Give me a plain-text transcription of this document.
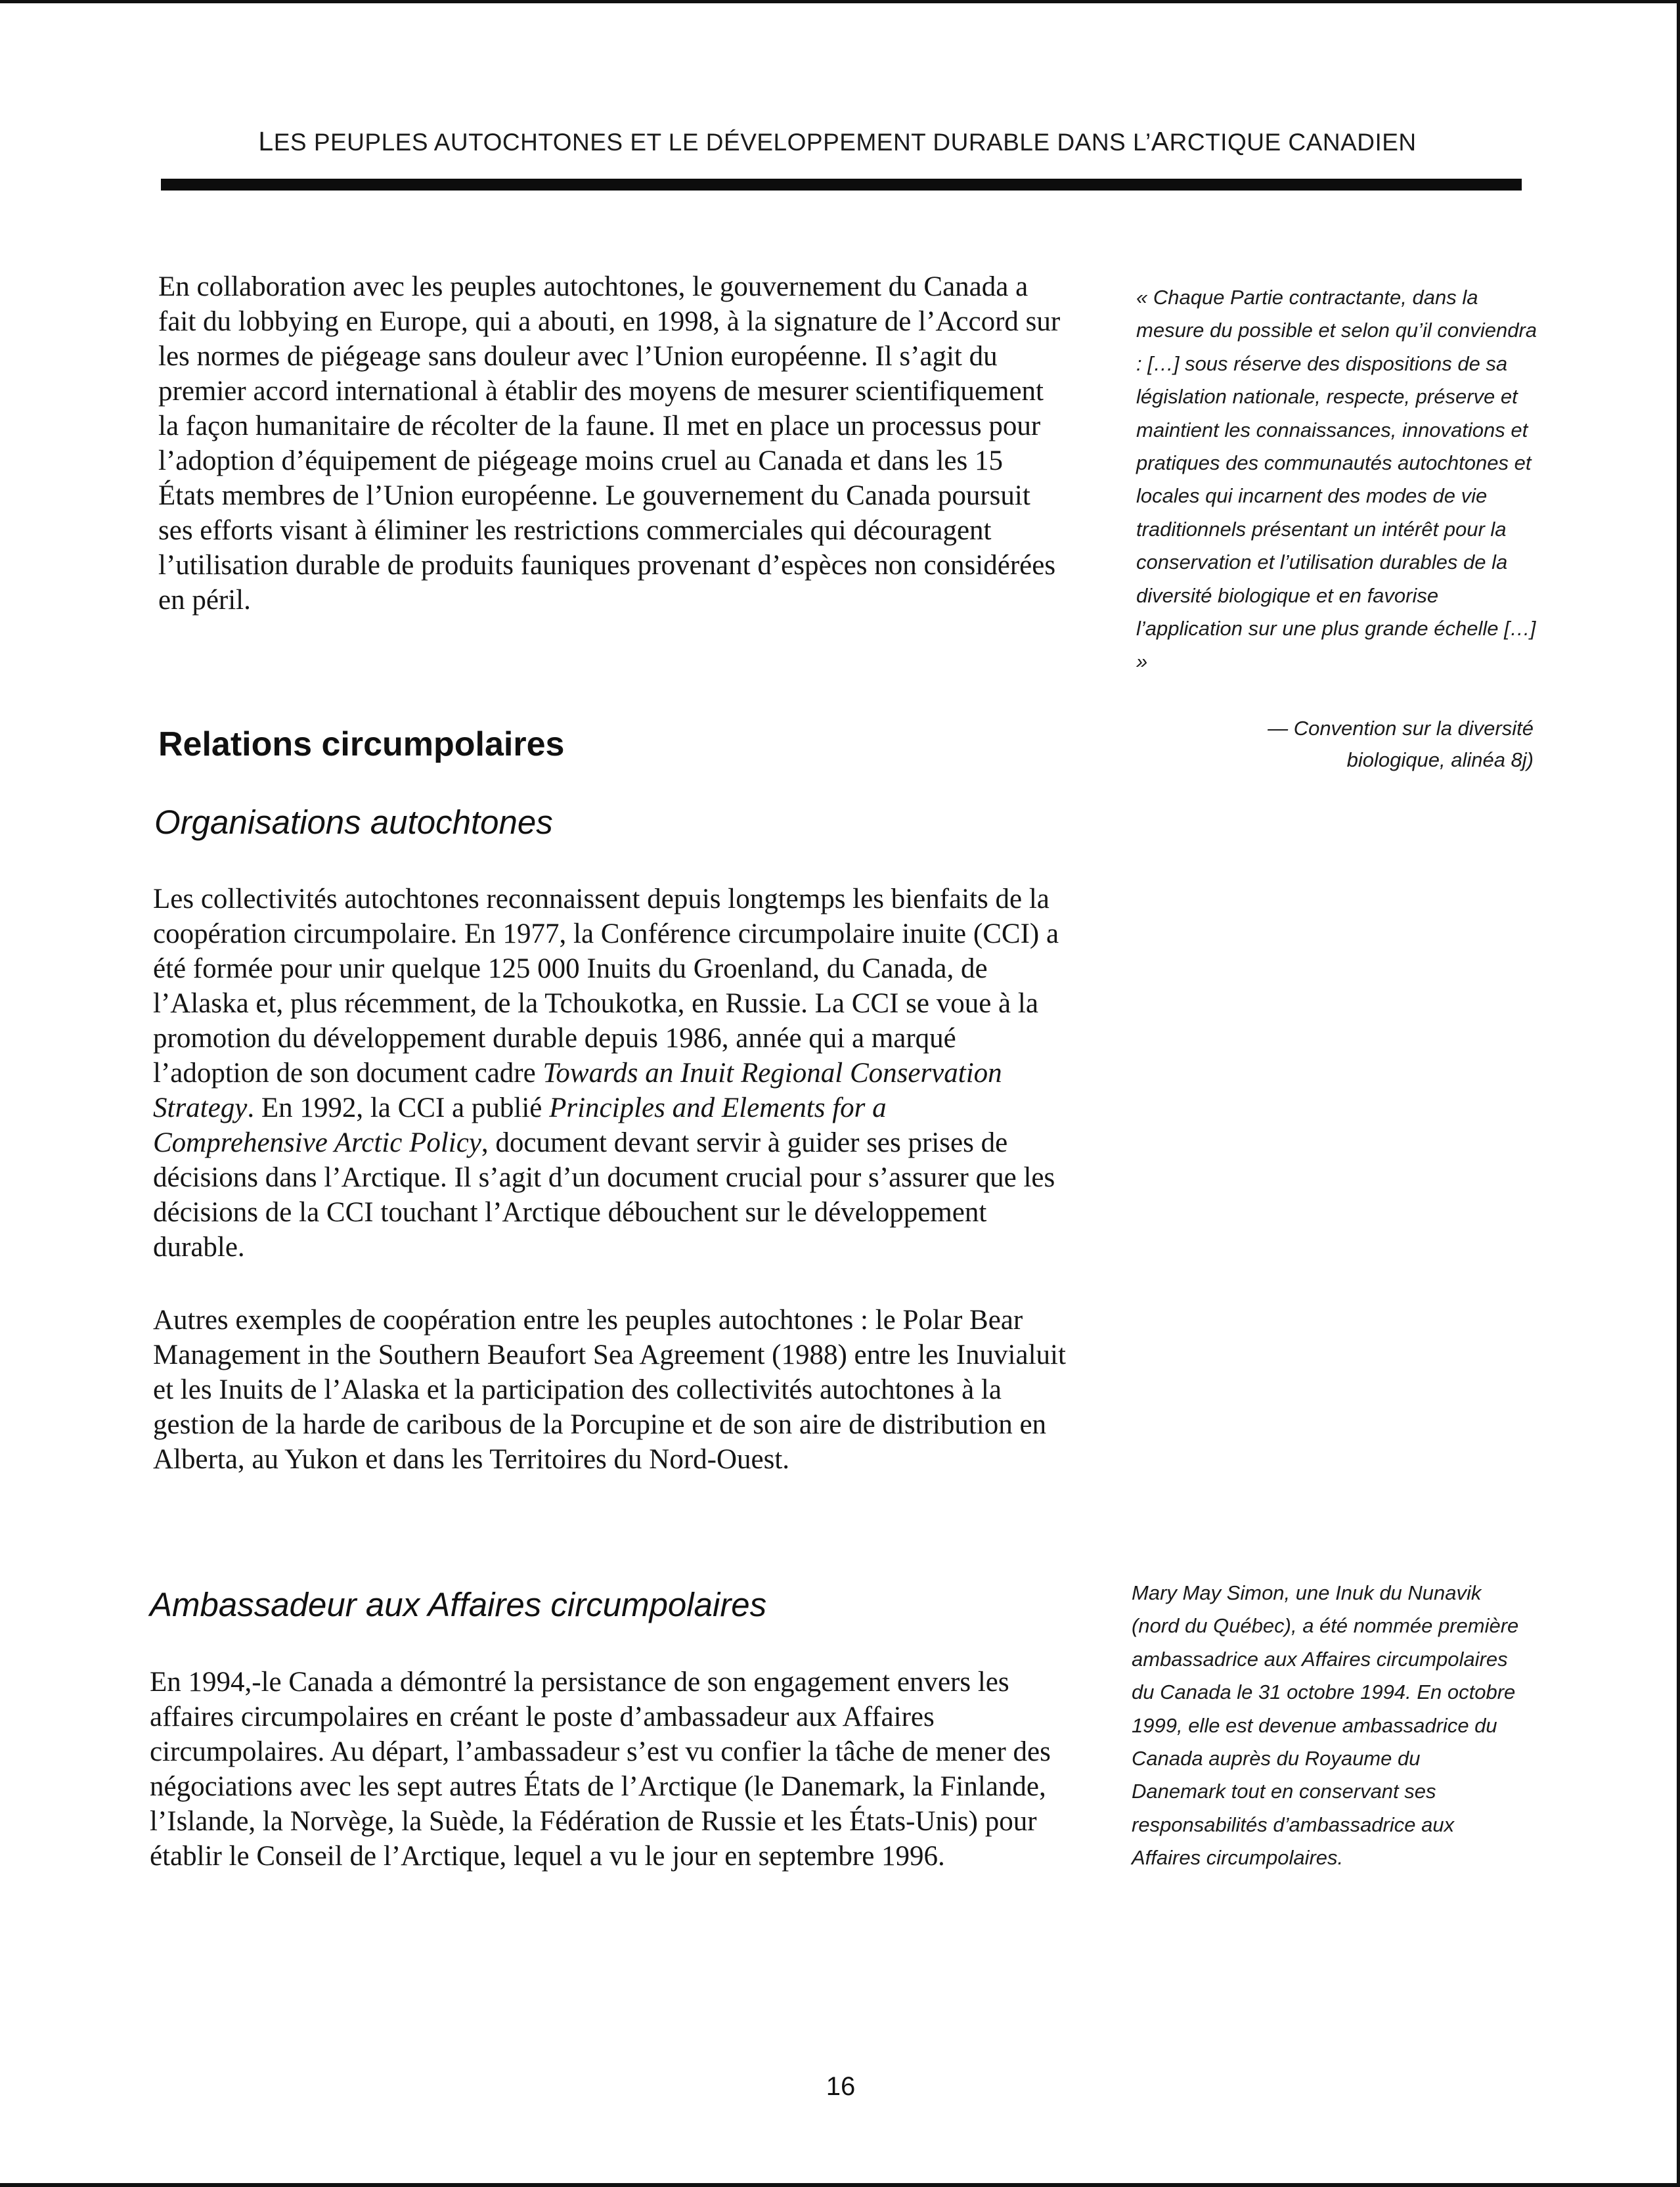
LES PEUPLES AUTOCHTONES ET LE DÉVELOPPEMENT DURABLE DANS L’ARCTIQUE CANADIEN

En collaboration avec les peuples autochtones, le gouvernement du Canada a fait du lobbying en Europe, qui a abouti, en 1998, à la signature de l’Accord sur les normes de piégeage sans douleur avec l’Union européenne. Il s’agit du premier accord international à établir des moyens de mesurer scientifiquement la façon humanitaire de récolter de la faune. Il met en place un processus pour l’adoption d’équipement de piégeage moins cruel au Canada et dans les 15 États membres de l’Union européenne. Le gouvernement du Canada poursuit ses efforts visant à éliminer les restrictions commerciales qui découragent l’utilisation durable de produits fauniques provenant d’espèces non considérées en péril.

Relations circumpolaires
Organisations autochtones

Les collectivités autochtones reconnaissent depuis longtemps les bienfaits de la coopération circumpolaire. En 1977, la Conférence circumpolaire inuite (CCI) a été formée pour unir quelque 125 000 Inuits du Groenland, du Canada, de l’Alaska et, plus récemment, de la Tchoukotka, en Russie. La CCI se voue à la promotion du développement durable depuis 1986, année qui a marqué l’adoption de son document cadre Towards an Inuit Regional Conservation Strategy. En 1992, la CCI a publié Principles and Elements for a Comprehensive Arctic Policy, document devant servir à guider ses prises de décisions dans l’Arctique. Il s’agit d’un document crucial pour s’assurer que les décisions de la CCI touchant l’Arctique débouchent sur le développement durable.

Autres exemples de coopération entre les peuples autochtones : le Polar Bear Management in the Southern Beaufort Sea Agreement (1988) entre les Inuvialuit et les Inuits de l’Alaska et la participation des collectivités autochtones à la gestion de la harde de caribous de la Porcupine et de son aire de distribution en Alberta, au Yukon et dans les Territoires du Nord-Ouest.

Ambassadeur aux Affaires circumpolaires

En 1994,-le Canada a démontré la persistance de son engagement envers les affaires circumpolaires en créant le poste d’ambassadeur aux Affaires circumpolaires. Au départ, l’ambassadeur s’est vu confier la tâche de mener des négociations avec les sept autres États de l’Arctique (le Danemark, la Finlande, l’Islande, la Norvège, la Suède, la Fédération de Russie et les États-Unis) pour établir le Conseil de l’Arctique, lequel a vu le jour en septembre 1996.

« Chaque Partie contractante, dans la mesure du possible et selon qu’il conviendra : […] sous réserve des dispositions de sa législation nationale, respecte, préserve et maintient les connaissances, innovations et pratiques des communautés autochtones et locales qui incarnent des modes de vie traditionnels présentant un intérêt pour la conservation et l’utilisation durables de la diversité biologique et en favorise l’application sur une plus grande échelle […] »

— Convention sur la diversité
biologique, alinéa 8j)

Mary May Simon, une Inuk du Nunavik (nord du Québec), a été nommée première ambassadrice aux Affaires circumpolaires du Canada le 31 octobre 1994. En octobre 1999, elle est devenue ambassadrice du Canada auprès du Royaume du Danemark tout en conservant ses responsabilités d’ambassadrice aux Affaires circumpolaires.

16
